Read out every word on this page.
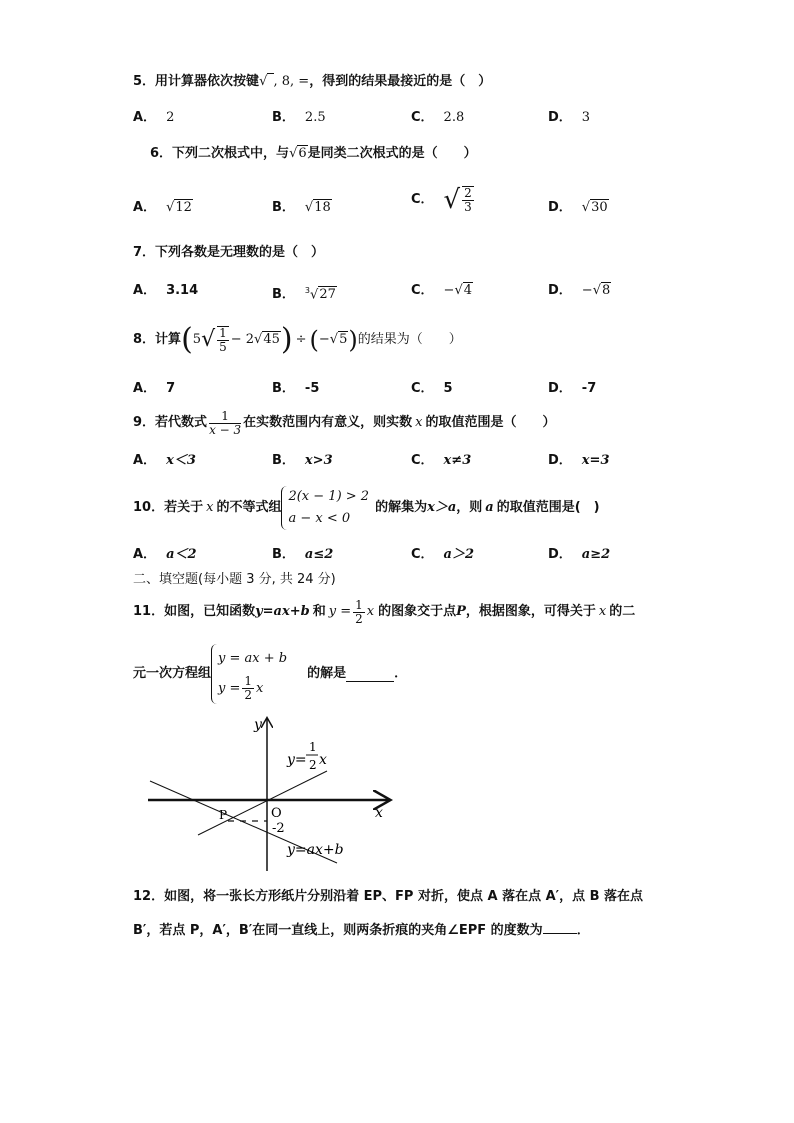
5．用计算器依次按键√ , 8, =，得到的结果最接近的是（　）
A． 2	B． 2.5	C． 2.8	D． 3
6．下列二次根式中，与√6是同类二次根式的是（　　）
A． √12	B． √18
C． √ $\frac{2}{3}$	D． √30
7．下列各数是无理数的是（　）
A． 3.14	B． $^3$√27	C． −√4	D． −√8
8．计算$(5√ \frac{1}{5} - 2√45) \div (-√5)$的结果为（　　）
A． 7	B． -5	C． 5	D． -7
9．若代数式 $\frac{1}{x - 3}$ 在实数范围内有意义，则实数 x 的取值范围是（　　）
A． x＜3	B． x>3	C． x≠3	D． x=3
10．若关于 x 的不等式组
2(x − 1) > 2
a − x < 0
的解集为x＞a，则 a 的取值范围是(　)
A． a＜2	B． a≤2	C． a＞2	D． a≥2
二、填空题(每小题 3 分, 共 24 分)
11．如图，已知函数y=ax+b 和 $y = \frac{1}{2}$ x 的图象交于点P，根据图象，可得关于 x 的二
元一次方程组
y = ax + b
$y = \frac{1}{2}$ x
的解是	．
y
x
O
-2
P
y=
1
2 x
y=ax+b
12．如图，将一张长方形纸片分别沿着 EP、FP 对折，使点 A 落在点 A′，点 B 落在点
B′，若点 P，A′，B′在同一直线上，则两条折痕的夹角∠EPF 的度数为	．
